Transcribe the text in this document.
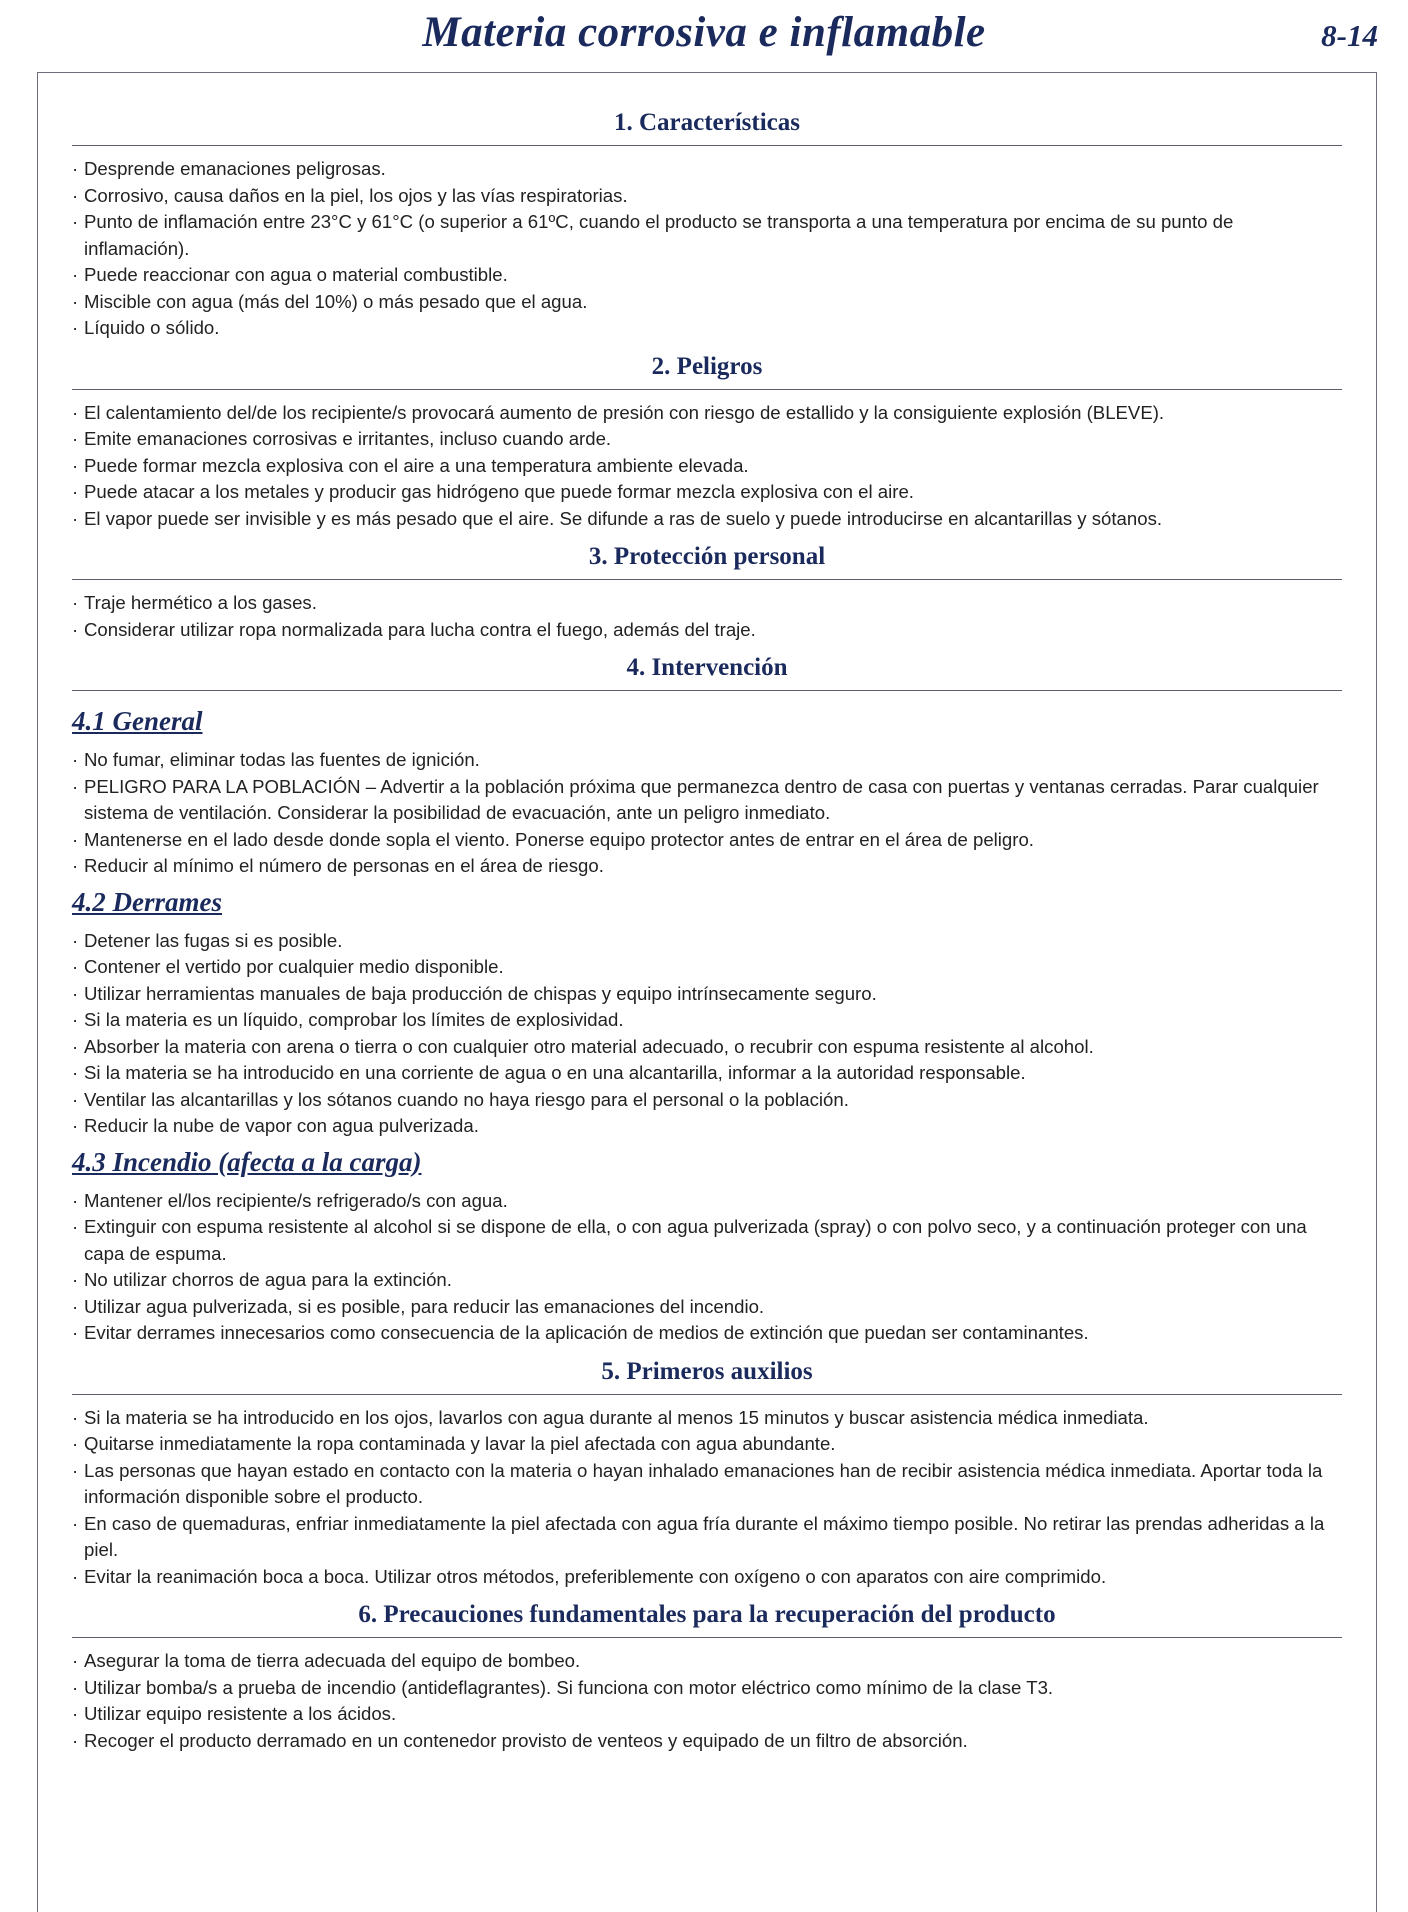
Materia corrosiva e inflamable	8-14
1. Características
· Desprende emanaciones peligrosas.
· Corrosivo, causa daños en la piel, los ojos y las vías respiratorias.
· Punto de inflamación entre 23°C y 61°C (o superior a 61ºC, cuando el producto se transporta a una temperatura por encima de su punto de inflamación).
· Puede reaccionar con agua o material combustible.
· Miscible con agua (más del 10%) o más pesado que el agua.
· Líquido o sólido.
2. Peligros
· El calentamiento del/de los recipiente/s provocará aumento de presión con riesgo de estallido y la consiguiente explosión (BLEVE).
· Emite emanaciones corrosivas e irritantes, incluso cuando arde.
· Puede formar mezcla explosiva con el aire a una temperatura ambiente elevada.
· Puede atacar a los metales y producir gas hidrógeno que puede formar mezcla explosiva con el aire.
· El vapor puede ser invisible y es más pesado que el aire. Se difunde a ras de suelo y puede introducirse en alcantarillas y sótanos.
3. Protección personal
· Traje hermético a los gases.
· Considerar utilizar ropa normalizada para lucha contra el fuego, además del traje.
4. Intervención
4.1 General
· No fumar, eliminar todas las fuentes de ignición.
· PELIGRO PARA LA POBLACIÓN – Advertir a la población próxima que permanezca dentro de casa con puertas y ventanas cerradas. Parar cualquier sistema de ventilación. Considerar la posibilidad de evacuación, ante un peligro inmediato.
· Mantenerse en el lado desde donde sopla el viento. Ponerse equipo protector antes de entrar en el área de peligro.
· Reducir al mínimo el número de personas en el área de riesgo.
4.2 Derrames
· Detener las fugas si es posible.
· Contener el vertido por cualquier medio disponible.
· Utilizar herramientas manuales de baja producción de chispas y equipo intrínsecamente seguro.
· Si la materia es un líquido, comprobar los límites de explosividad.
· Absorber la materia con arena o tierra o con cualquier otro material adecuado, o recubrir con espuma resistente al alcohol.
· Si la materia se ha introducido en una corriente de agua o en una alcantarilla, informar a la autoridad responsable.
· Ventilar las alcantarillas y los sótanos cuando no haya riesgo para el personal o la población.
· Reducir la nube de vapor con agua pulverizada.
4.3 Incendio (afecta a la carga)
· Mantener el/los recipiente/s refrigerado/s con agua.
· Extinguir con espuma resistente al alcohol si se dispone de ella, o con agua pulverizada (spray) o con polvo seco, y a continuación proteger con una capa de espuma.
· No utilizar chorros de agua para la extinción.
· Utilizar agua pulverizada, si es posible, para reducir las emanaciones del incendio.
· Evitar derrames innecesarios como consecuencia de la aplicación de medios de extinción que puedan ser contaminantes.
5. Primeros auxilios
· Si la materia se ha introducido en los ojos, lavarlos con agua durante al menos 15 minutos y buscar asistencia médica inmediata.
· Quitarse inmediatamente la ropa contaminada y lavar la piel afectada con agua abundante.
· Las personas que hayan estado en contacto con la materia o hayan inhalado emanaciones han de recibir asistencia médica inmediata. Aportar toda la información disponible sobre el producto.
· En caso de quemaduras, enfriar inmediatamente la piel afectada con agua fría durante el máximo tiempo posible. No retirar las prendas adheridas a la piel.
· Evitar la reanimación boca a boca. Utilizar otros métodos, preferiblemente con oxígeno o con aparatos con aire comprimido.
6. Precauciones fundamentales para la recuperación del producto
· Asegurar la toma de tierra adecuada del equipo de bombeo.
· Utilizar bomba/s a prueba de incendio (antideflagrantes). Si funciona con motor eléctrico como mínimo de la clase T3.
· Utilizar equipo resistente a los ácidos.
· Recoger el producto derramado en un contenedor provisto de venteos y equipado de un filtro de absorción.
